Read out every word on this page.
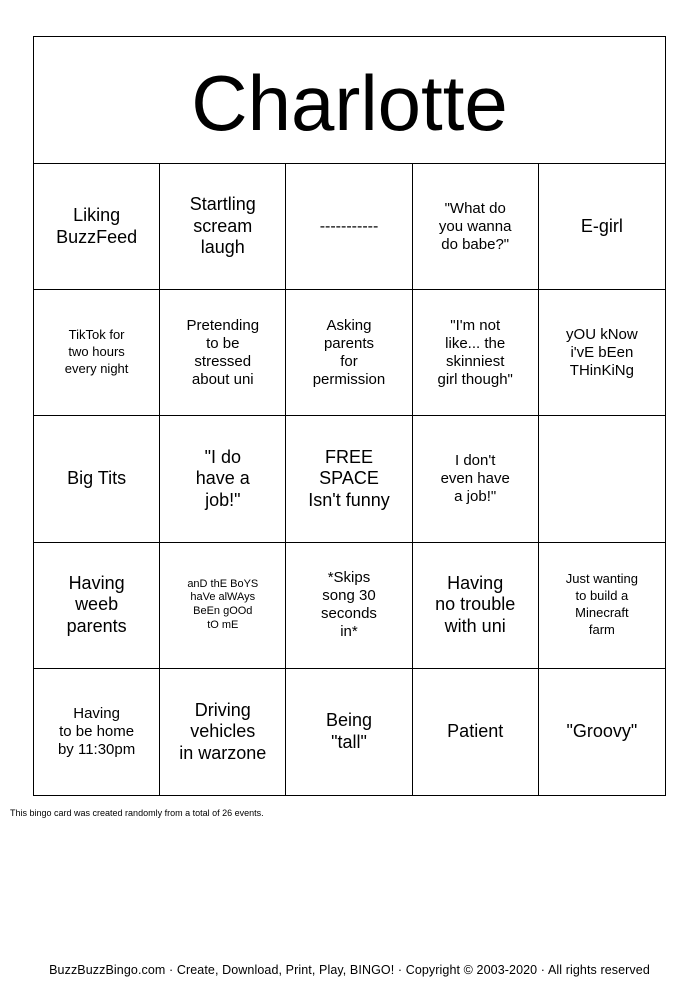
Charlotte
Liking
BuzzFeed
Startling
scream
laugh
-----------
"What do
you wanna
do babe?"
E-girl
TikTok for
two hours
every night
Pretending
to be
stressed
about uni
Asking
parents
for
permission
"I'm not
like... the
skinniest
girl though"
yOU kNow
i'vE bEen
THinKiNg
Big Tits
"I do
have a
job!"
FREE
SPACE
Isn't funny
I don't
even have
a job!"
Having
weeb
parents
anD thE BoYS
haVe alWAys
BeEn gOOd
tO mE
*Skips
song 30
seconds
in*
Having
no trouble
with uni
Just wanting
to build a
Minecraft
farm
Having
to be home
by 11:30pm
Driving
vehicles
in warzone
Being
"tall"
Patient	"Groovy"
This bingo card was created randomly from a total of 26 events.
BuzzBuzzBingo.com · Create, Download, Print, Play, BINGO! · Copyright © 2003-2020 · All rights reserved
